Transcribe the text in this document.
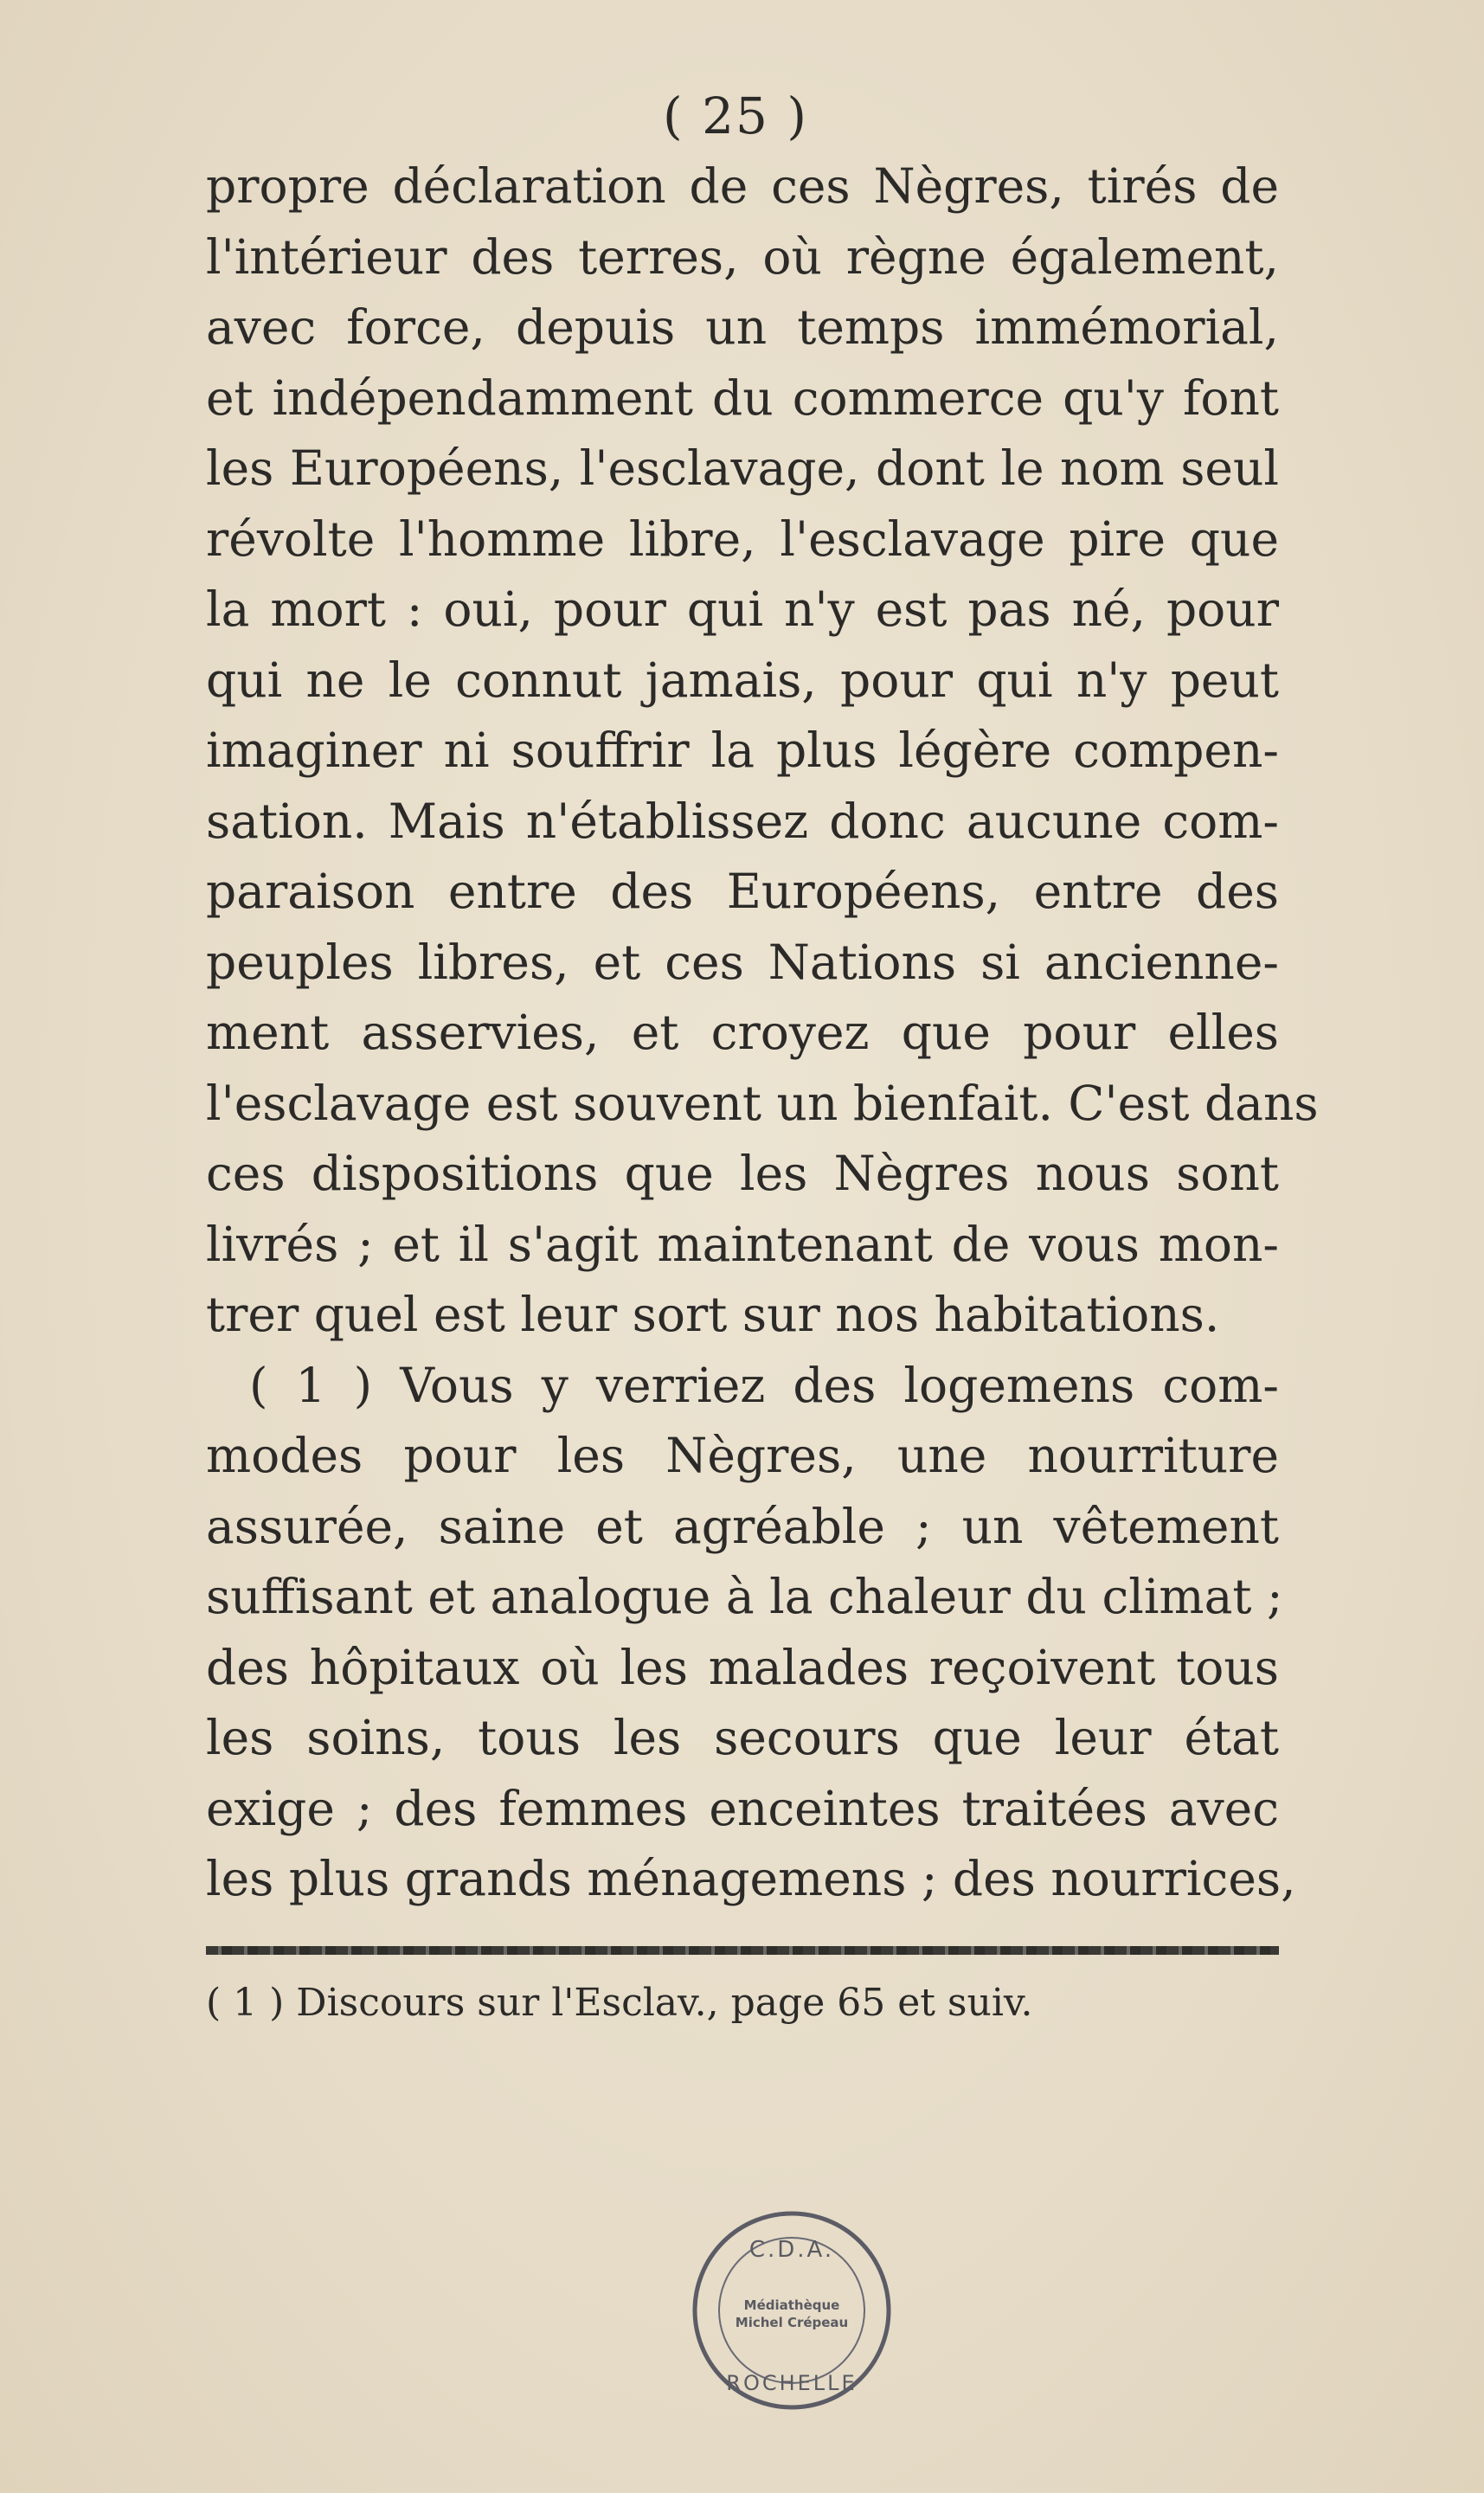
( 25 )
propre déclaration de ces Nègres, tirés de
l'intérieur des terres, où règne également,
avec force, depuis un temps immémorial,
et indépendamment du commerce qu'y font
les Européens, l'esclavage, dont le nom seul
révolte l'homme libre, l'esclavage pire que
la mort : oui, pour qui n'y est pas né, pour
qui ne le connut jamais, pour qui n'y peut
imaginer ni souffrir la plus légère compen-
sation. Mais n'établissez donc aucune com-
paraison entre des Européens, entre des
peuples libres, et ces Nations si ancienne-
ment asservies, et croyez que pour elles
l'esclavage est souvent un bienfait. C'est dans
ces dispositions que les Nègres nous sont
livrés ; et il s'agit maintenant de vous mon-
trer quel est leur sort sur nos habitations.
( 1 ) Vous y verriez des logemens com-
modes pour les Nègres, une nourriture
assurée, saine et agréable ; un vêtement
suffisant et analogue à la chaleur du climat ;
des hôpitaux où les malades reçoivent tous
les soins, tous les secours que leur état
exige ; des femmes enceintes traitées avec
les plus grands ménagemens ; des nourrices,
( 1 ) Discours sur l'Esclav., page 65 et suiv.
C.D.A.
Médiathèque
Michel Crépeau
ROCHELLE
